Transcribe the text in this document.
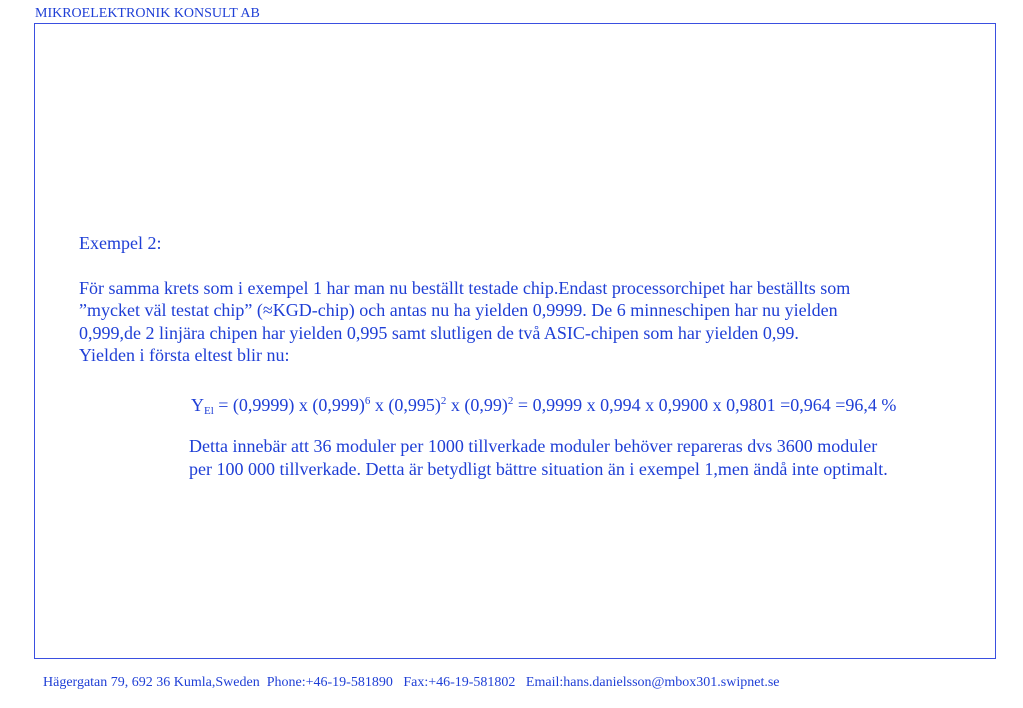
MIKROELEKTRONIK KONSULT AB

Exempel 2:

För samma krets som i exempel 1 har man nu beställt testade chip.Endast processorchipet har beställts som
”mycket väl testat chip” (≈KGD-chip) och antas nu ha yielden 0,9999. De 6 minneschipen har nu yielden
0,999,de 2 linjära chipen har yielden 0,995 samt slutligen de två ASIC-chipen som har yielden 0,99.
Yielden i första eltest blir nu:

$Y_{El} = (0,9999)$ x $(0,999)^6$ x $(0,995)^2$ x $(0,99)^2 = 0,9999$ x 0,994 x 0,9900 x 0,9801 =0,964 =96,4 %
Detta innebär att 36 moduler per 1000 tillverkade moduler behöver repareras dvs 3600 moduler
per 100 000 tillverkade. Detta är betydligt bättre situation än i exempel 1,men ändå inte optimalt.
Hägergatan 79, 692 36 Kumla,Sweden Phone:+46-19-581890 Fax:+46-19-581802 Email:hans.danielsson@mbox301.swipnet.se
